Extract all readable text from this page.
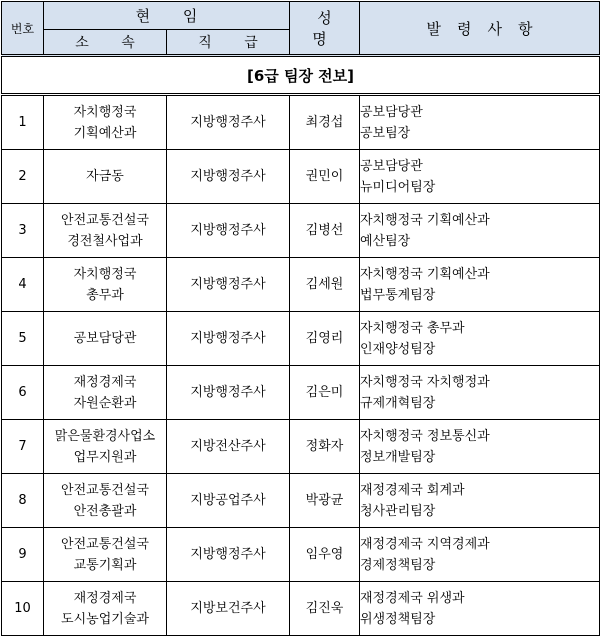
번호	현 임		성 명	발령사항
	소 속	직 급		
[6급 팀장 전보]				
1	자치행정국
기획예산과	지방행정주사	최경섭	공보담당관
공보팀장

2	자금동	지방행정주사	권민이	공보담당관
뉴미디어팀장

3	안전교통건설국
경전철사업과	지방행정주사	김병선	자치행정국 기획예산과
예산팀장

4	자치행정국
총무과	지방행정주사	김세원	자치행정국 기획예산과
법무통계팀장

5	공보담당관	지방행정주사	김영리	자치행정국 총무과
인재양성팀장

6	재정경제국
자원순환과	지방행정주사	김은미	자치행정국 자치행정과
규제개혁팀장

7	맑은물환경사업소
업무지원과	지방전산주사	정화자	자치행정국 정보통신과
정보개발팀장

8	안전교통건설국
안전총괄과	지방공업주사	박광균	재정경제국 회계과
청사관리팀장

9	안전교통건설국
교통기획과	지방행정주사	임우영	재정경제국 지역경제과
경제정책팀장

10	재정경제국
도시농업기술과	지방보건주사	김진욱	재정경제국 위생과
위생정책팀장
